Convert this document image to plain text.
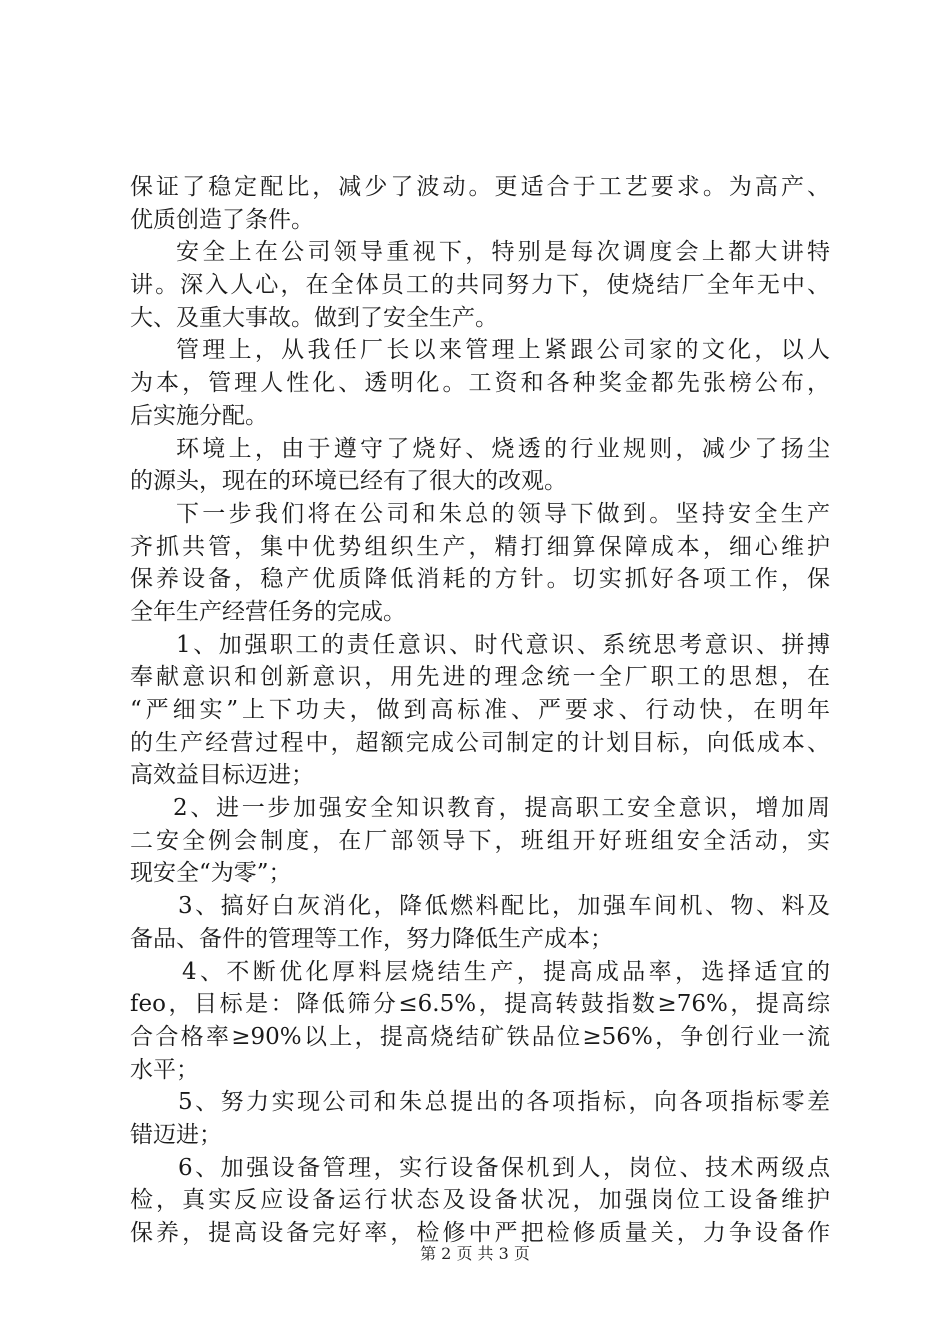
保证了稳定配比，减少了波动。更适合于工艺要求。为高产、
优质创造了条件。
安全上在公司领导重视下，特别是每次调度会上都大讲特
讲。深入人心，在全体员工的共同努力下，使烧结厂全年无中、
大、及重大事故。做到了安全生产。
管理上，从我任厂长以来管理上紧跟公司家的文化，以人
为本，管理人性化、透明化。工资和各种奖金都先张榜公布，
后实施分配。
环境上，由于遵守了烧好、烧透的行业规则，减少了扬尘
的源头，现在的环境已经有了很大的改观。
下一步我们将在公司和朱总的领导下做到。坚持安全生产
齐抓共管，集中优势组织生产，精打细算保障成本，细心维护
保养设备，稳产优质降低消耗的方针。切实抓好各项工作，保
全年生产经营任务的完成。
1、加强职工的责任意识、时代意识、系统思考意识、拼搏
奉献意识和创新意识，用先进的理念统一全厂职工的思想，在
“严细实”上下功夫，做到高标准、严要求、行动快，在明年
的生产经营过程中，超额完成公司制定的计划目标，向低成本、
高效益目标迈进；
2、进一步加强安全知识教育，提高职工安全意识，增加周
二安全例会制度，在厂部领导下，班组开好班组安全活动，实
现安全“为零”；
3、搞好白灰消化，降低燃料配比，加强车间机、物、料及
备品、备件的管理等工作，努力降低生产成本；
4、不断优化厚料层烧结生产，提高成品率，选择适宜的
feo，目标是：降低筛分≤6.5%，提高转鼓指数≥76%，提高综
合合格率≥90%以上，提高烧结矿铁品位≥56%，争创行业一流
水平；
5、努力实现公司和朱总提出的各项指标，向各项指标零差
错迈进；
6、加强设备管理，实行设备保机到人，岗位、技术两级点
检，真实反应设备运行状态及设备状况，加强岗位工设备维护
保养，提高设备完好率，检修中严把检修质量关，力争设备作
第 2 页 共 3 页
